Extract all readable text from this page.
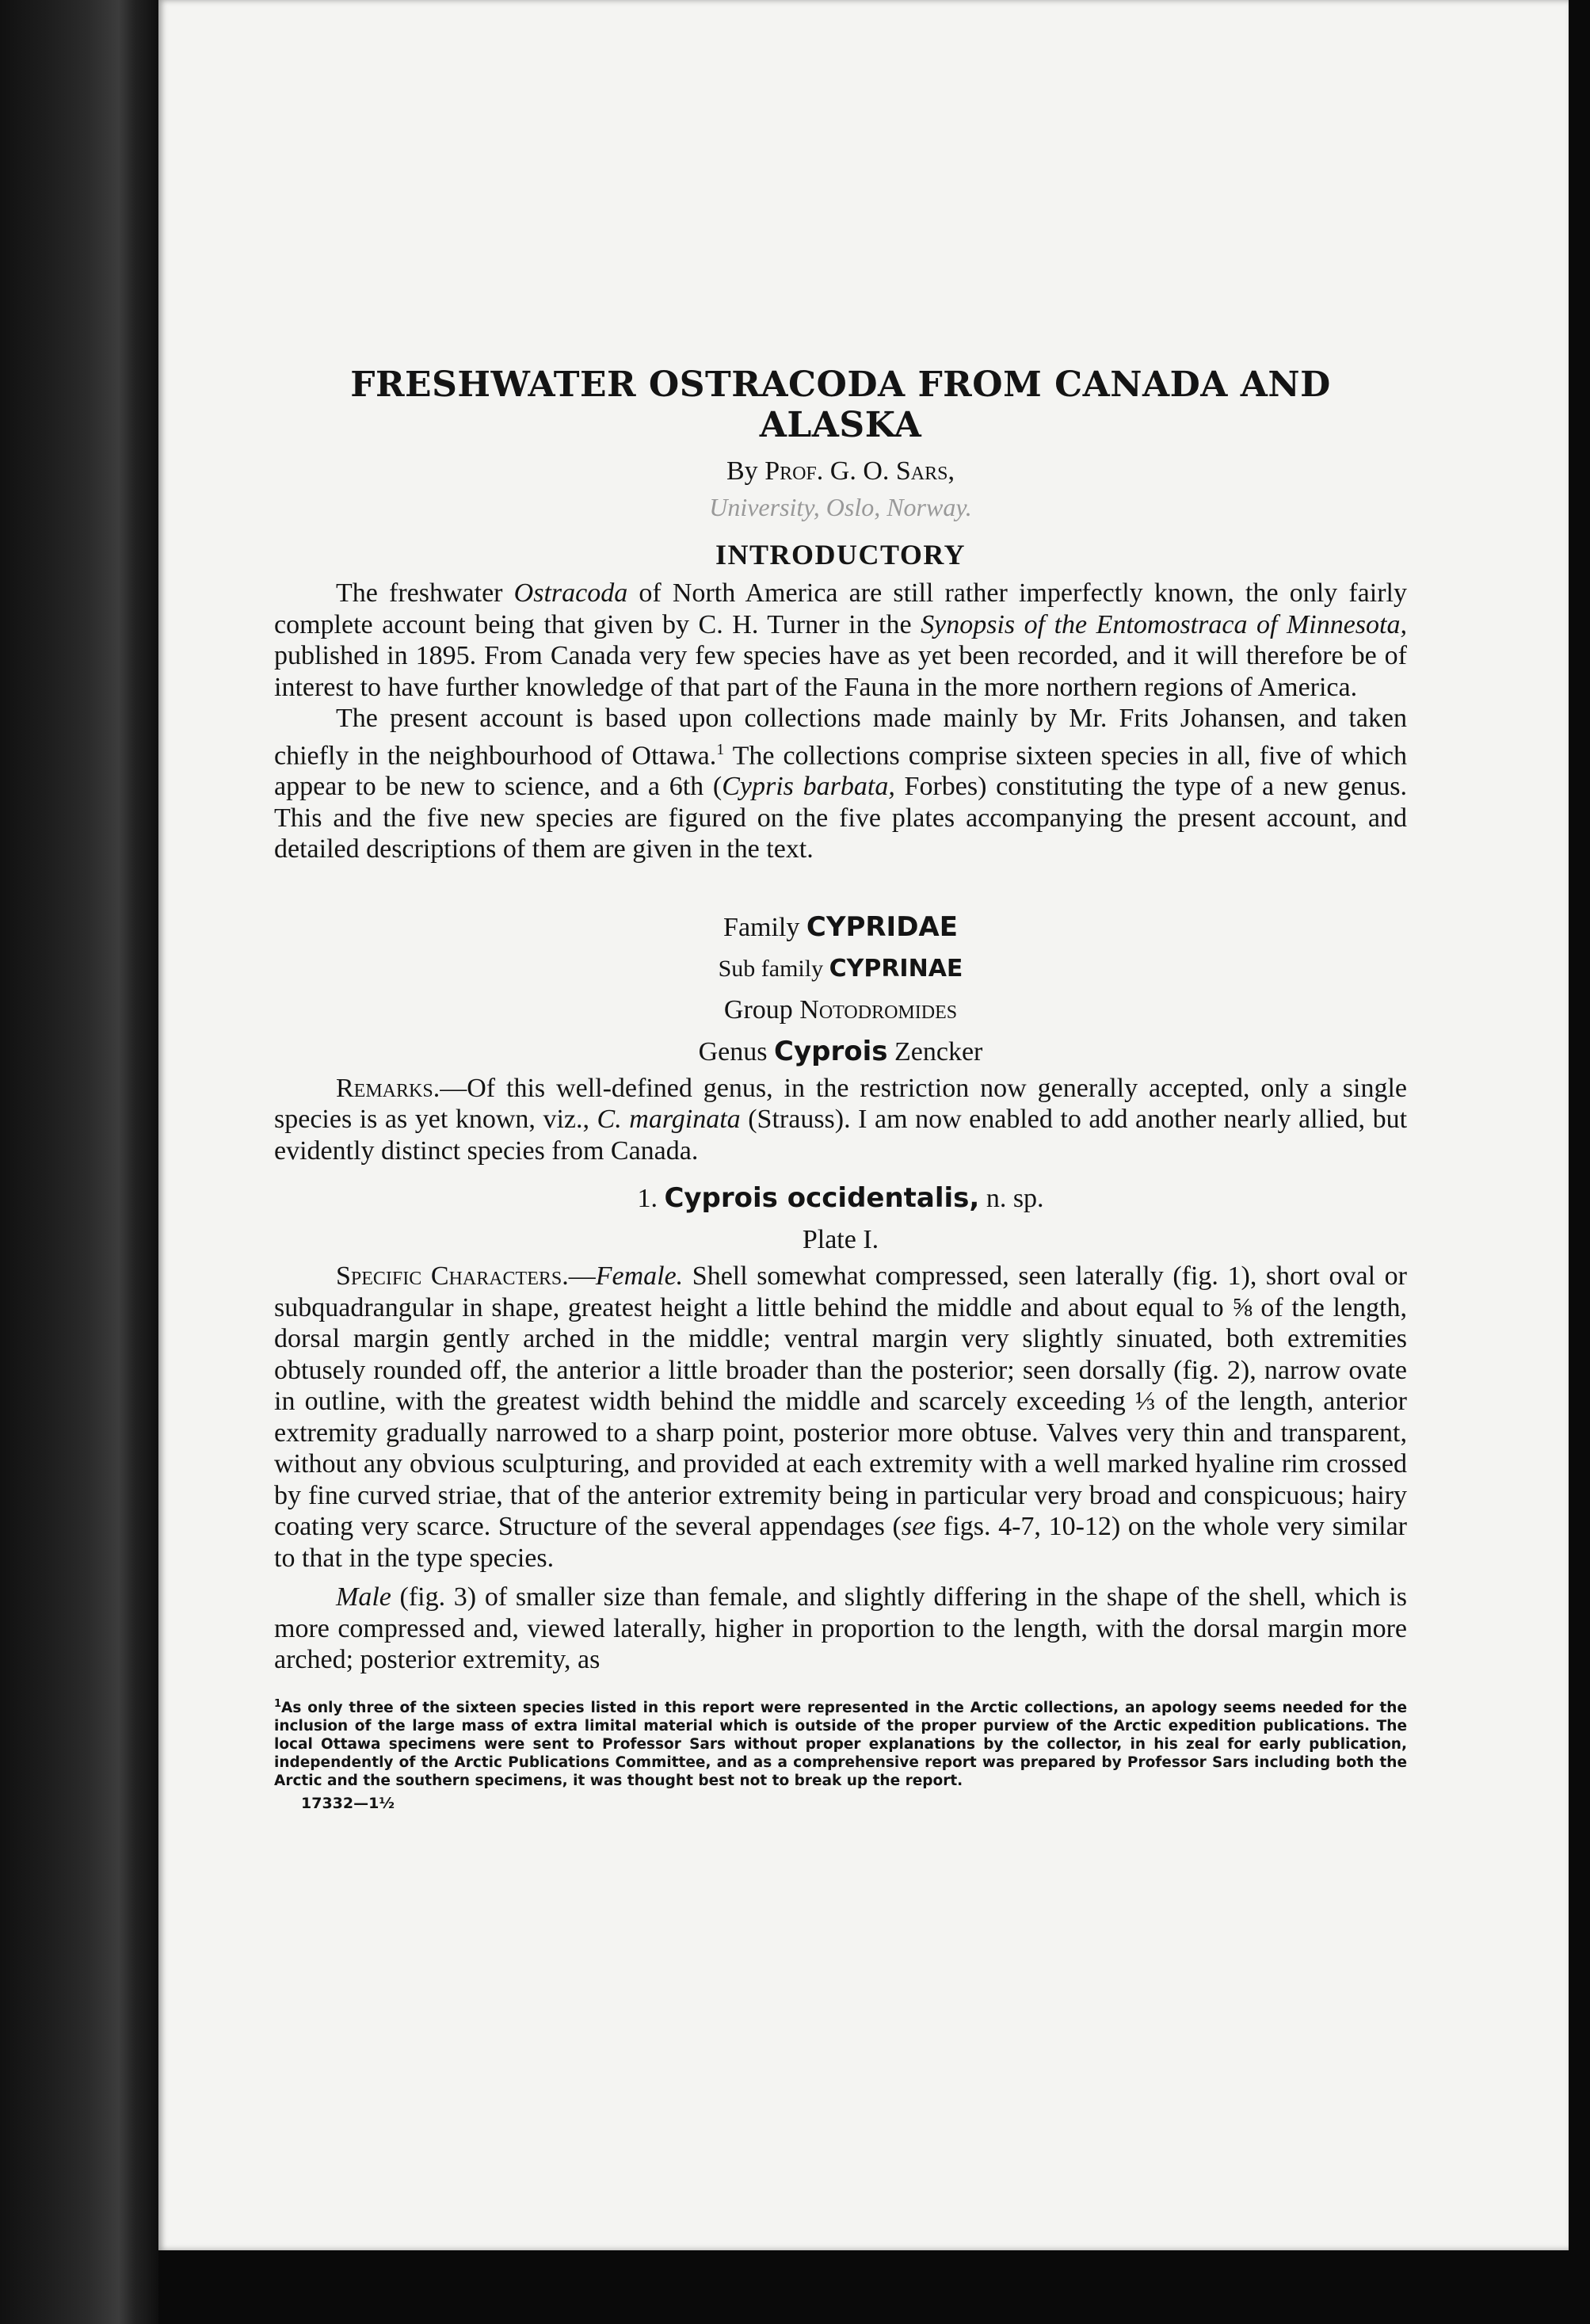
FRESHWATER OSTRACODA FROM CANADA AND ALASKA

By Prof. G. O. Sars,

University, Oslo, Norway.

INTRODUCTORY

The freshwater Ostracoda of North America are still rather imperfectly known, the only fairly complete account being that given by C. H. Turner in the Synopsis of the Entomostraca of Minnesota, published in 1895. From Canada very few species have as yet been recorded, and it will therefore be of interest to have further knowledge of that part of the Fauna in the more northern regions of America.

The present account is based upon collections made mainly by Mr. Frits Johansen, and taken chiefly in the neighbourhood of Ottawa.$^1$ The collections comprise sixteen species in all, five of which appear to be new to science, and a 6th (Cypris barbata, Forbes) constituting the type of a new genus. This and the five new species are figured on the five plates accompanying the present account, and detailed descriptions of them are given in the text.

Family CYPRIDAE

Sub family CYPRINAE

Group Notodromides

Genus Cyprois Zencker

Remarks.—Of this well-defined genus, in the restriction now generally accepted, only a single species is as yet known, viz., C. marginata (Strauss). I am now enabled to add another nearly allied, but evidently distinct species from Canada.

1. Cyprois occidentalis, n. sp.

Plate I.

Specific Characters.—Female. Shell somewhat compressed, seen laterally (fig. 1), short oval or subquadrangular in shape, greatest height a little behind the middle and about equal to ⅝ of the length, dorsal margin gently arched in the middle; ventral margin very slightly sinuated, both extremities obtusely rounded off, the anterior a little broader than the posterior; seen dorsally (fig. 2), narrow ovate in outline, with the greatest width behind the middle and scarcely exceeding ⅓ of the length, anterior extremity gradually narrowed to a sharp point, posterior more obtuse. Valves very thin and transparent, without any obvious sculpturing, and provided at each extremity with a well marked hyaline rim crossed by fine curved striae, that of the anterior extremity being in particular very broad and conspicuous; hairy coating very scarce. Structure of the several appendages (see figs. 4-7, 10-12) on the whole very similar to that in the type species.

Male (fig. 3) of smaller size than female, and slightly differing in the shape of the shell, which is more compressed and, viewed laterally, higher in proportion to the length, with the dorsal margin more arched; posterior extremity, as

$^1$As only three of the sixteen species listed in this report were represented in the Arctic collections, an apology seems needed for the inclusion of the large mass of extra limital material which is outside of the proper purview of the Arctic expedition publications. The local Ottawa specimens were sent to Professor Sars without proper explanations by the collector, in his zeal for early publication, independently of the Arctic Publications Committee, and as a comprehensive report was prepared by Professor Sars including both the Arctic and the southern specimens, it was thought best not to break up the report.

17332—1½
